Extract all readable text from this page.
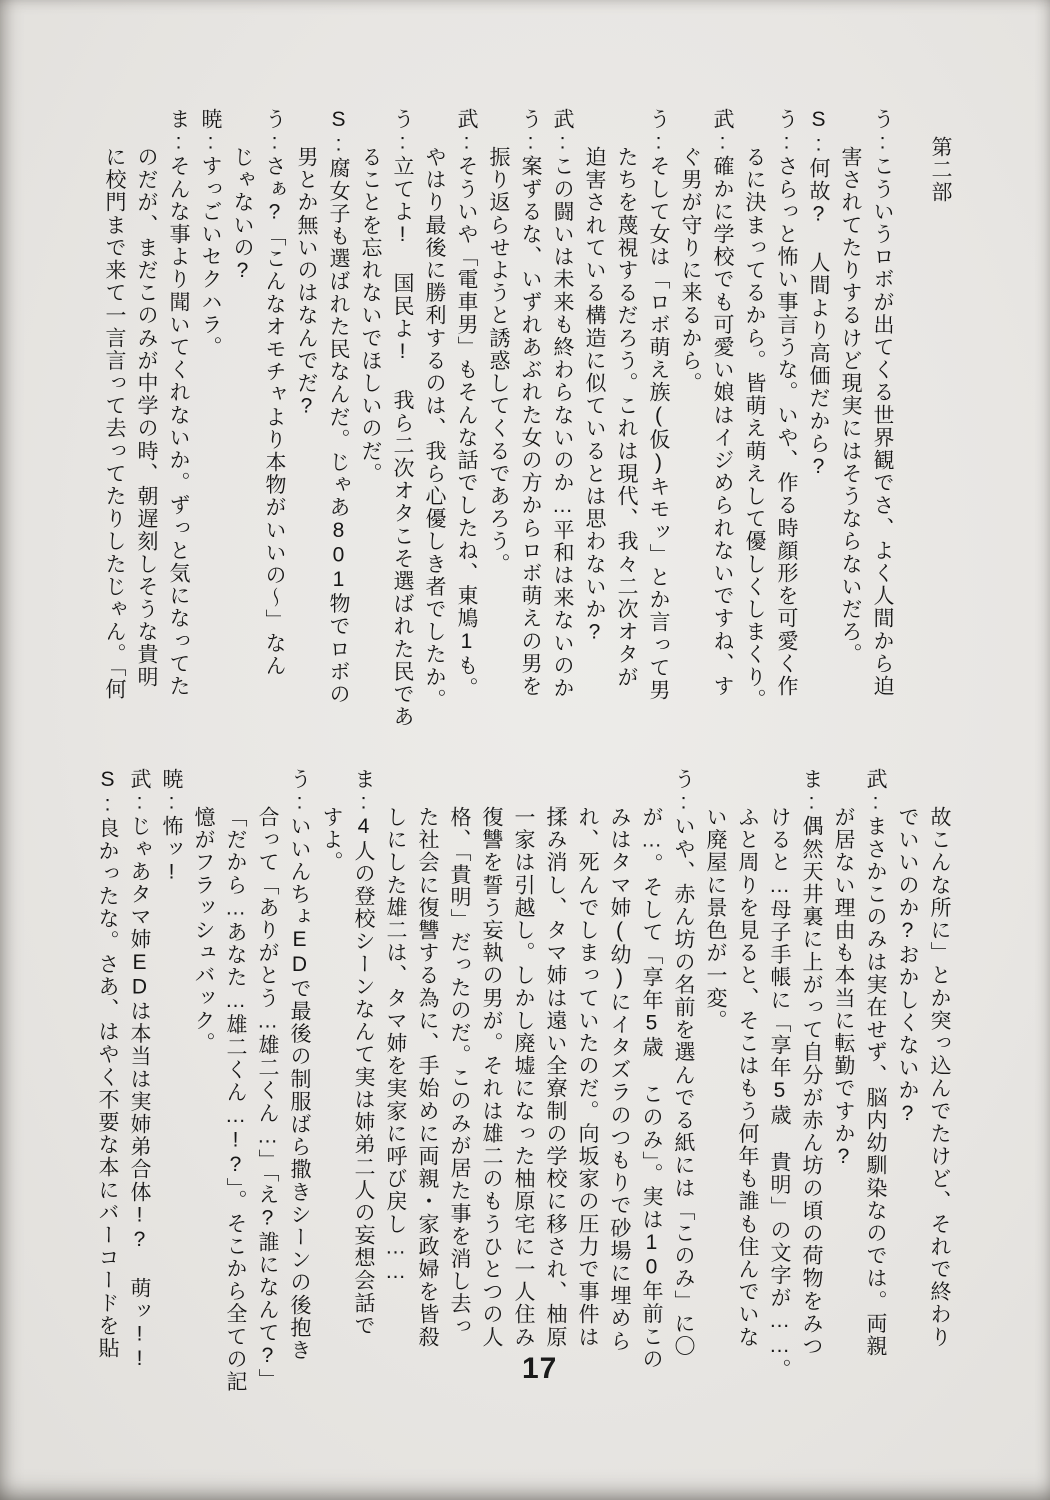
第二部
う:こういうロボが出てくる世界観でさ、よく人間から迫
害されてたりするけど現実にはそうならないだろ。
S:何故? 人間より高価だから?
う:さらっと怖い事言うな。いや、作る時顔形を可愛く作
るに決まってるから。皆萌え萌えして優しくしまくり。
武:確かに学校でも可愛い娘はイジめられないですね、す
ぐ男が守りに来るから。
う:そして女は「ロボ萌え族(仮)キモッ」とか言って男
たちを蔑視するだろう。これは現代、我々二次オタが
迫害されている構造に似ているとは思わないか?
武:この闘いは未来も終わらないのか…平和は来ないのか
う:案ずるな、いずれあぶれた女の方からロボ萌えの男を
振り返らせようと誘惑してくるであろう。
武:そういや「電車男」もそんな話でしたね、東鳩1も。
やはり最後に勝利するのは、我ら心優しき者でしたか。
う:立てよ! 国民よ! 我ら二次オタこそ選ばれた民であ
ることを忘れないでほしいのだ。
S:腐女子も選ばれた民なんだ。じゃあ801物でロボの
男とか無いのはなんでだ?
う:さぁ?「こんなオモチャより本物がいいの〜」なん
じゃないの?
暁:すっごいセクハラ。
ま:そんな事より聞いてくれないか。ずっと気になってた
のだが、まだこのみが中学の時、朝遅刻しそうな貴明
に校門まで来て一言言って去ってたりしたじゃん。「何
故こんな所に」とか突っ込んでたけど、それで終わり
でいいのか?おかしくないか?
武:まさかこのみは実在せず、脳内幼馴染なのでは。両親
が居ない理由も本当に転勤ですか?
ま:偶然天井裏に上がって自分が赤ん坊の頃の荷物をみつ
けると…母子手帳に「享年5歳 貴明」の文字が……。
ふと周りを見ると、そこはもう何年も誰も住んでいな
い廃屋に景色が一変。
う:いや、赤ん坊の名前を選んでる紙には「このみ」に〇
が…。そして「享年5歳 このみ」。実は10年前この
みはタマ姉(幼)にイタズラのつもりで砂場に埋めら
れ、死んでしまっていたのだ。向坂家の圧力で事件は
揉み消し、タマ姉は遠い全寮制の学校に移され、柚原
一家は引越し。しかし廃墟になった柚原宅に一人住み
復讐を誓う妄執の男が。それは雄二のもうひとつの人
格、「貴明」だったのだ。このみが居た事を消し去っ
た社会に復讐する為に、手始めに両親・家政婦を皆殺
しにした雄二は、タマ姉を実家に呼び戻し……
ま:4人の登校シーンなんて実は姉弟二人の妄想会話で
すよ。
う:いいんちょEDで最後の制服ばら撒きシーンの後抱き
合って「ありがとう…雄二くん…」「え?誰になんて?」
「だから…あなた…雄二くん…!?」。そこから全ての記
憶がフラッシュバック。
暁:怖ッ!
武:じゃあタマ姉EDは本当は実姉弟合体!? 萌ッ!!
S:良かったな。さあ、はやく不要な本にバーコードを貼
17
